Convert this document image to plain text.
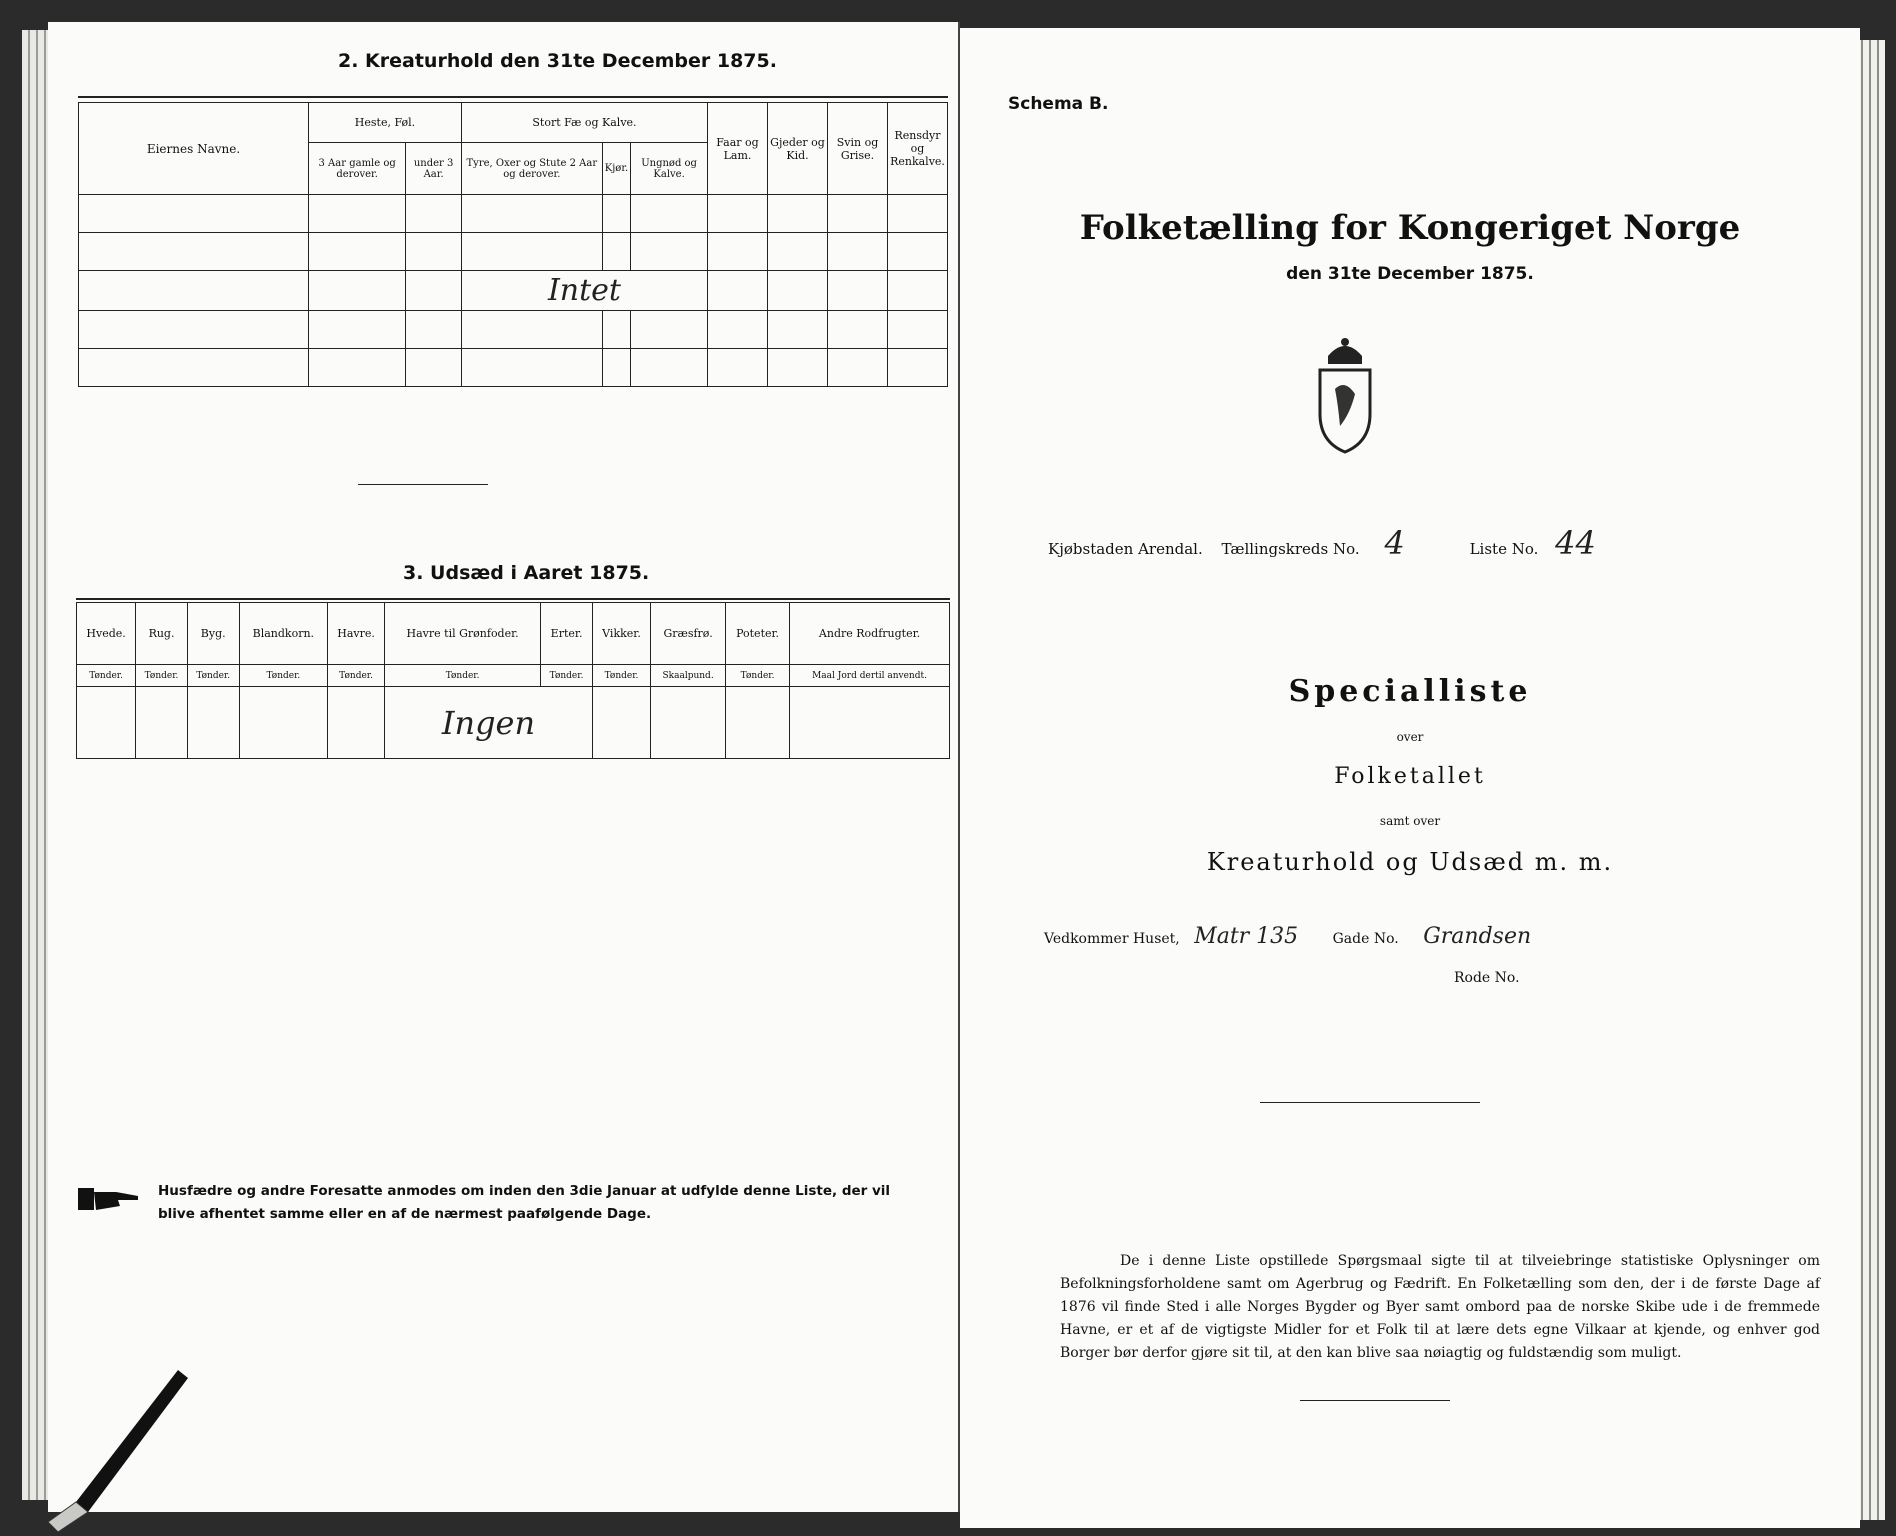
2. Kreaturhold den 31te December 1875.
Eiernes Navne.	Heste, Føl.		Stort Fæ og Kalve.			Faar og Lam.	Gjeder og Kid.	Svin og Grise.	Rensdyr og Renkalve.
	3 Aar gamle og derover.	under 3 Aar.	Tyre, Oxer og Stute 2 Aar og derover.	Kjør.	Ungnød og Kalve.				

			Intet						

3. Udsæd i Aaret 1875.
Hvede.	Rug.	Byg.	Blandkorn.	Havre.	Havre til Grønfoder.	Erter.	Vikker.	Græsfrø.	Poteter.	Andre Rodfrugter.
Tønder.	Tønder.	Tønder.	Tønder.	Tønder.	Tønder.	Tønder.	Tønder.	Skaalpund.	Tønder.	Maal Jord dertil anvendt.
					Ingen					
Husfædre og andre Foresatte anmodes om inden den 3die Januar at udfylde denne Liste, der vil blive afhentet samme eller en af de nærmest paafølgende Dage.
Schema B.
Folketælling for Kongeriget Norge
den 31te December 1875.
Kjøbstaden Arendal. Tællingskreds No. 4	Liste No. 44
Specialliste
over
Folketallet
samt over
Kreaturhold og Udsæd m. m.
Vedkommer Huset, Matr 135 Gade No. Grandsen
Rode No.
De i denne Liste opstillede Spørgsmaal sigte til at tilveiebringe statistiske Oplysninger om Befolkningsforholdene samt om Agerbrug og Fædrift. En Folketælling som den, der i de første Dage af 1876 vil finde Sted i alle Norges Bygder og Byer samt ombord paa de norske Skibe ude i de fremmede Havne, er et af de vigtigste Midler for et Folk til at lære dets egne Vilkaar at kjende, og enhver god Borger bør derfor gjøre sit til, at den kan blive saa nøiagtig og fuldstændig som muligt.
